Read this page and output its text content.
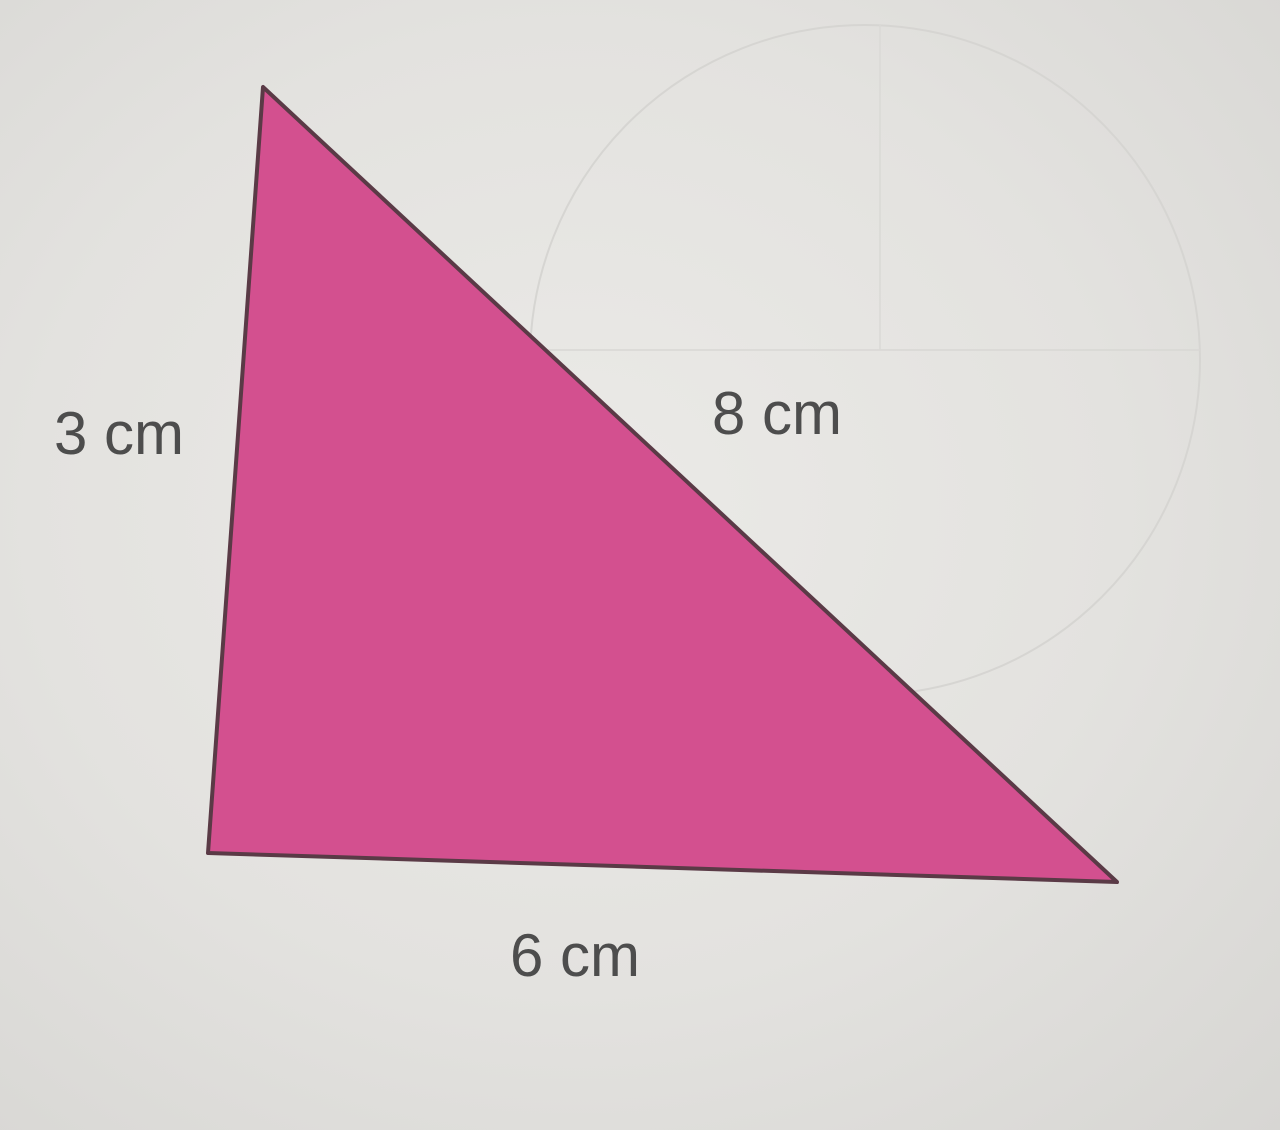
3 cm	8 cm
6 cm
